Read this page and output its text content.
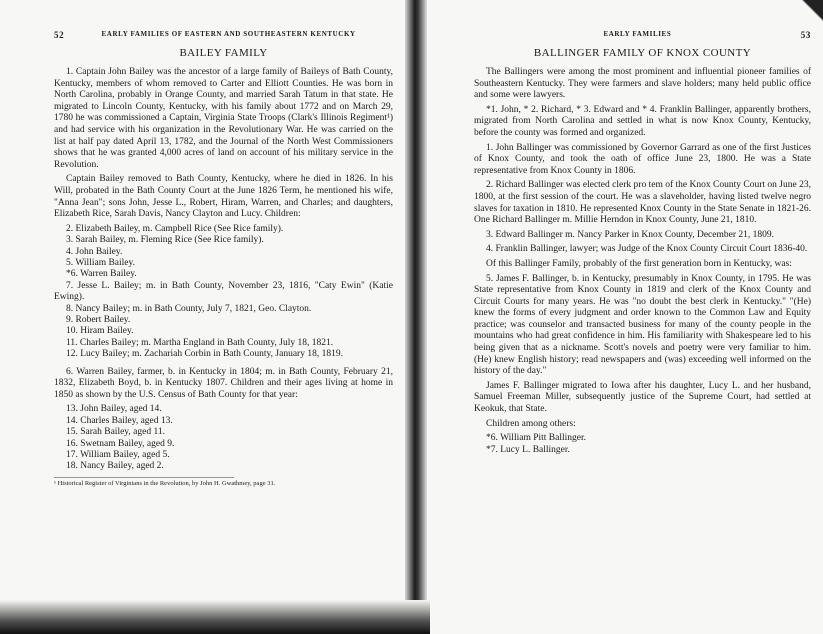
52	EARLY FAMILIES OF EASTERN AND SOUTHEASTERN KENTUCKY
BAILEY FAMILY

1. Captain John Bailey was the ancestor of a large family of Baileys of Bath County, Kentucky, members of whom removed to Carter and Elliott Counties. He was born in North Carolina, probably in Orange County, and married Sarah Tatum in that state. He migrated to Lincoln County, Kentucky, with his family about 1772 and on March 29, 1780 he was commissioned a Captain, Virginia State Troops (Clark's Illinois Regiment¹) and had service with his organization in the Revolutionary War. He was carried on the list at half pay dated April 13, 1782, and the Journal of the North West Commissioners shows that he was granted 4,000 acres of land on account of his military service in the Revolution.

Captain Bailey removed to Bath County, Kentucky, where he died in 1826. In his Will, probated in the Bath County Court at the June 1826 Term, he mentioned his wife, "Anna Jean"; sons John, Jesse L., Robert, Hiram, Warren, and Charles; and daughters, Elizabeth Rice, Sarah Davis, Nancy Clayton and Lucy. Children:

2. Elizabeth Bailey, m. Campbell Rice (See Rice family).

3. Sarah Bailey, m. Fleming Rice (See Rice family).

4. John Bailey.

5. William Bailey.

*6. Warren Bailey.

7. Jesse L. Bailey; m. in Bath County, November 23, 1816, "Caty Ewin" (Katie Ewing).

8. Nancy Bailey; m. in Bath County, July 7, 1821, Geo. Clayton.

9. Robert Bailey.

10. Hiram Bailey.

11. Charles Bailey; m. Martha England in Bath County, July 18, 1821.

12. Lucy Bailey; m. Zachariah Corbin in Bath County, January 18, 1819.

6. Warren Bailey, farmer, b. in Kentucky in 1804; m. in Bath County, February 21, 1832, Elizabeth Boyd, b. in Kentucky 1807. Children and their ages living at home in 1850 as shown by the U.S. Census of Bath County for that year:

13. John Bailey, aged 14.

14. Charles Bailey, aged 13.

15. Sarah Bailey, aged 11.

16. Swetnam Bailey, aged 9.

17. William Bailey, aged 5.

18. Nancy Bailey, aged 2.

¹ Historical Register of Virginians in the Revolution, by John H. Gwathmey, page 31.
EARLY FAMILIES	53
BALLINGER FAMILY OF KNOX COUNTY

The Ballingers were among the most prominent and influential pioneer families of Southeastern Kentucky. They were farmers and slave holders; many held public office and some were lawyers.

*1. John, * 2. Richard, * 3. Edward and * 4. Franklin Ballinger, apparently brothers, migrated from North Carolina and settled in what is now Knox County, Kentucky, before the county was formed and organized.

1. John Ballinger was commissioned by Governor Garrard as one of the first Justices of Knox County, and took the oath of office June 23, 1800. He was a State representative from Knox County in 1806.

2. Richard Ballinger was elected clerk pro tem of the Knox County Court on June 23, 1800, at the first session of the court. He was a slaveholder, having listed twelve negro slaves for taxation in 1810. He represented Knox County in the State Senate in 1821-26. One Richard Ballinger m. Millie Herndon in Knox County, June 21, 1810.

3. Edward Ballinger m. Nancy Parker in Knox County, December 21, 1809.

4. Franklin Ballinger, lawyer; was Judge of the Knox County Circuit Court 1836-40.

Of this Ballinger Family, probably of the first generation born in Kentucky, was:

5. James F. Ballinger, b. in Kentucky, presumably in Knox County, in 1795. He was State representative from Knox County in 1819 and clerk of the Knox County and Circuit Courts for many years. He was "no doubt the best clerk in Kentucky." "(He) knew the forms of every judgment and order known to the Common Law and Equity practice; was counselor and transacted business for many of the county people in the mountains who had great confidence in him. His familiarity with Shakespeare led to his being given that as a nickname. Scott's novels and poetry were very familiar to him. (He) knew English history; read newspapers and (was) exceeding well informed on the history of the day."

James F. Ballinger migrated to Iowa after his daughter, Lucy L. and her husband, Samuel Freeman Miller, subsequently justice of the Supreme Court, had settled at Keokuk, that State.

Children among others:

*6. William Pitt Ballinger.

*7. Lucy L. Ballinger.
